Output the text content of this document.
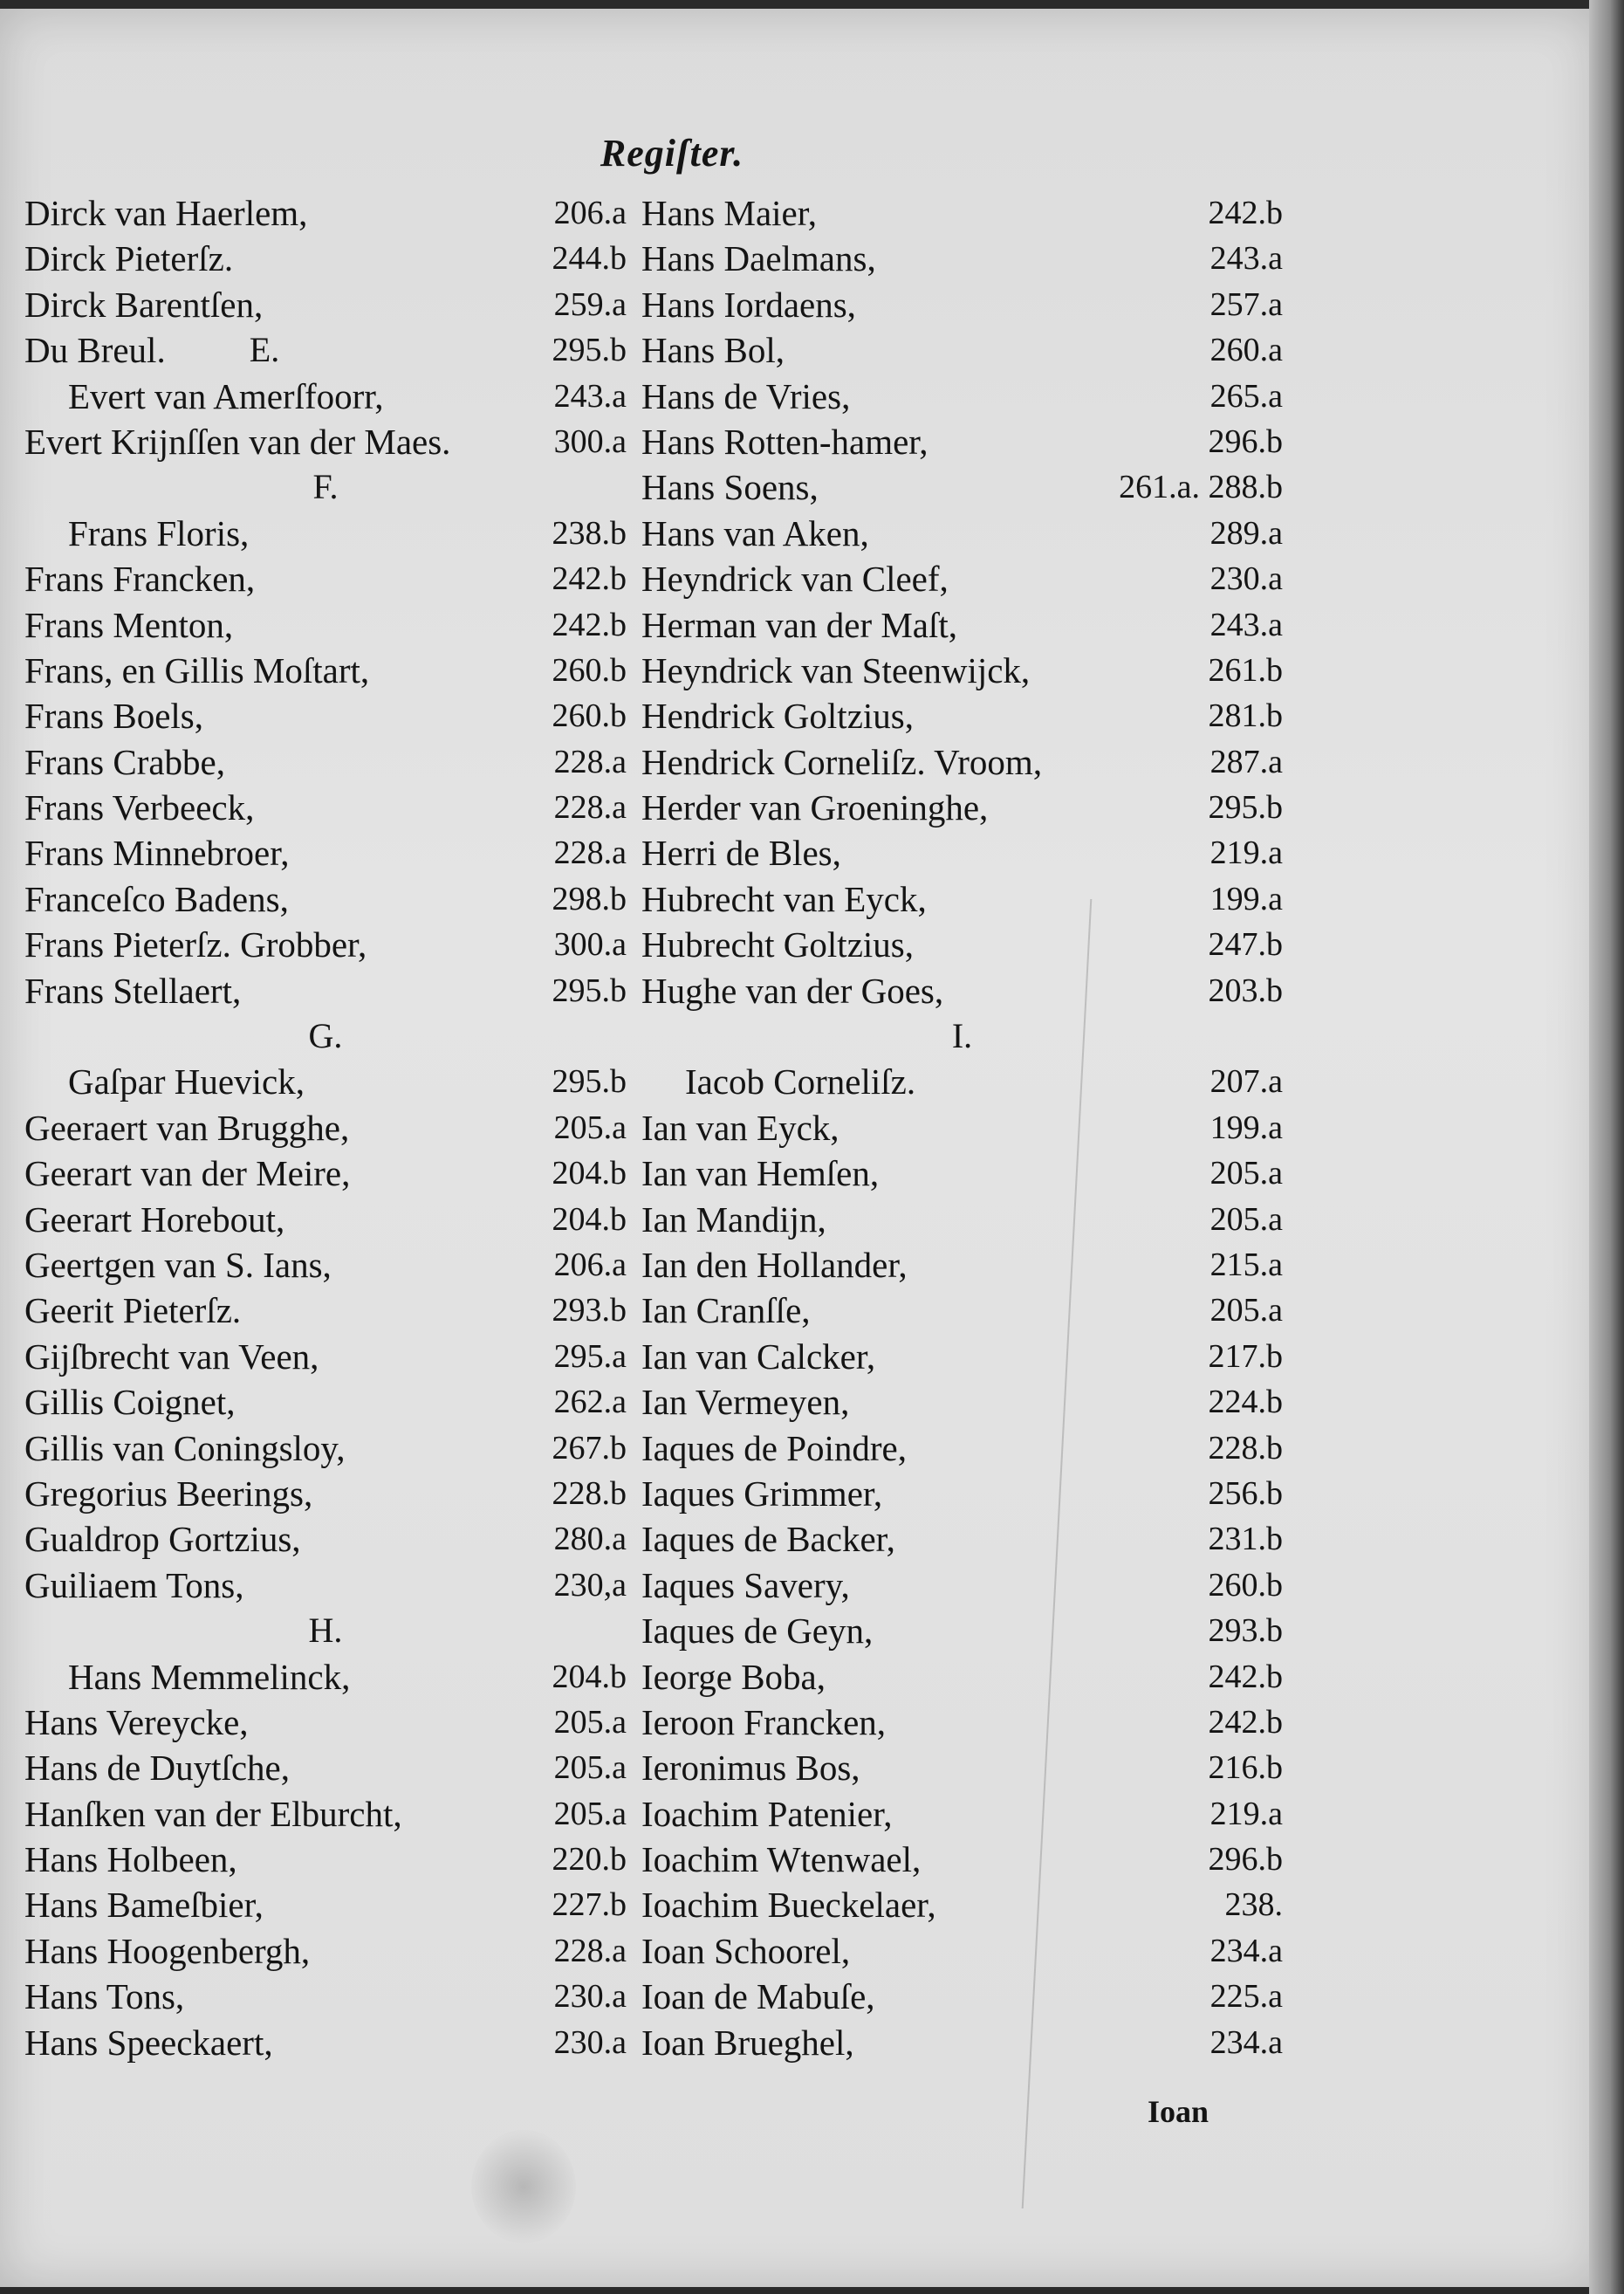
Regiſter.
Dirck van Haerlem,	206.a
Dirck Pieterſz.	244.b
Dirck Barentſen,	259.a
Du Breul.	E.	295.b
Evert van Amerſfoorr,	243.a
Evert Krijnſſen van der Maes.	300.a
F.
Frans Floris,	238.b
Frans Francken,	242.b
Frans Menton,	242.b
Frans, en Gillis Moſtart,	260.b
Frans Boels,	260.b
Frans Crabbe,	228.a
Frans Verbeeck,	228.a
Frans Minnebroer,	228.a
Franceſco Badens,	298.b
Frans Pieterſz. Grobber,	300.a
Frans Stellaert,	295.b
G.
Gaſpar Huevick,	295.b
Geeraert van Brugghe,	205.a
Geerart van der Meire,	204.b
Geerart Horebout,	204.b
Geertgen van S. Ians,	206.a
Geerit Pieterſz.	293.b
Gijſbrecht van Veen,	295.a
Gillis Coignet,	262.a
Gillis van Coningsloy,	267.b
Gregorius Beerings,	228.b
Gualdrop Gortzius,	280.a
Guiliaem Tons,	230,a
H.
Hans Memmelinck,	204.b
Hans Vereycke,	205.a
Hans de Duytſche,	205.a
Hanſken van der Elburcht,	205.a
Hans Holbeen,	220.b
Hans Bameſbier,	227.b
Hans Hoogenbergh,	228.a
Hans Tons,	230.a
Hans Speeckaert,	230.a
Hans Maier,	242.b
Hans Daelmans,	243.a
Hans Iordaens,	257.a
Hans Bol,	260.a
Hans de Vries,	265.a
Hans Rotten-hamer,	296.b
Hans Soens,	261.a. 288.b
Hans van Aken,	289.a
Heyndrick van Cleef,	230.a
Herman van der Maſt,	243.a
Heyndrick van Steenwijck,	261.b
Hendrick Goltzius,	281.b
Hendrick Corneliſz. Vroom,	287.a
Herder van Groeninghe,	295.b
Herri de Bles,	219.a
Hubrecht van Eyck,	199.a
Hubrecht Goltzius,	247.b
Hughe van der Goes,	203.b
I.
Iacob Corneliſz.	207.a
Ian van Eyck,	199.a
Ian van Hemſen,	205.a
Ian Mandijn,	205.a
Ian den Hollander,	215.a
Ian Cranſſe,	205.a
Ian van Calcker,	217.b
Ian Vermeyen,	224.b
Iaques de Poindre,	228.b
Iaques Grimmer,	256.b
Iaques de Backer,	231.b
Iaques Savery,	260.b
Iaques de Geyn,	293.b
Ieorge Boba,	242.b
Ieroon Francken,	242.b
Ieronimus Bos,	216.b
Ioachim Patenier,	219.a
Ioachim Wtenwael,	296.b
Ioachim Bueckelaer,	238.
Ioan Schoorel,	234.a
Ioan de Mabuſe,	225.a
Ioan Brueghel,	234.a
Ioan
